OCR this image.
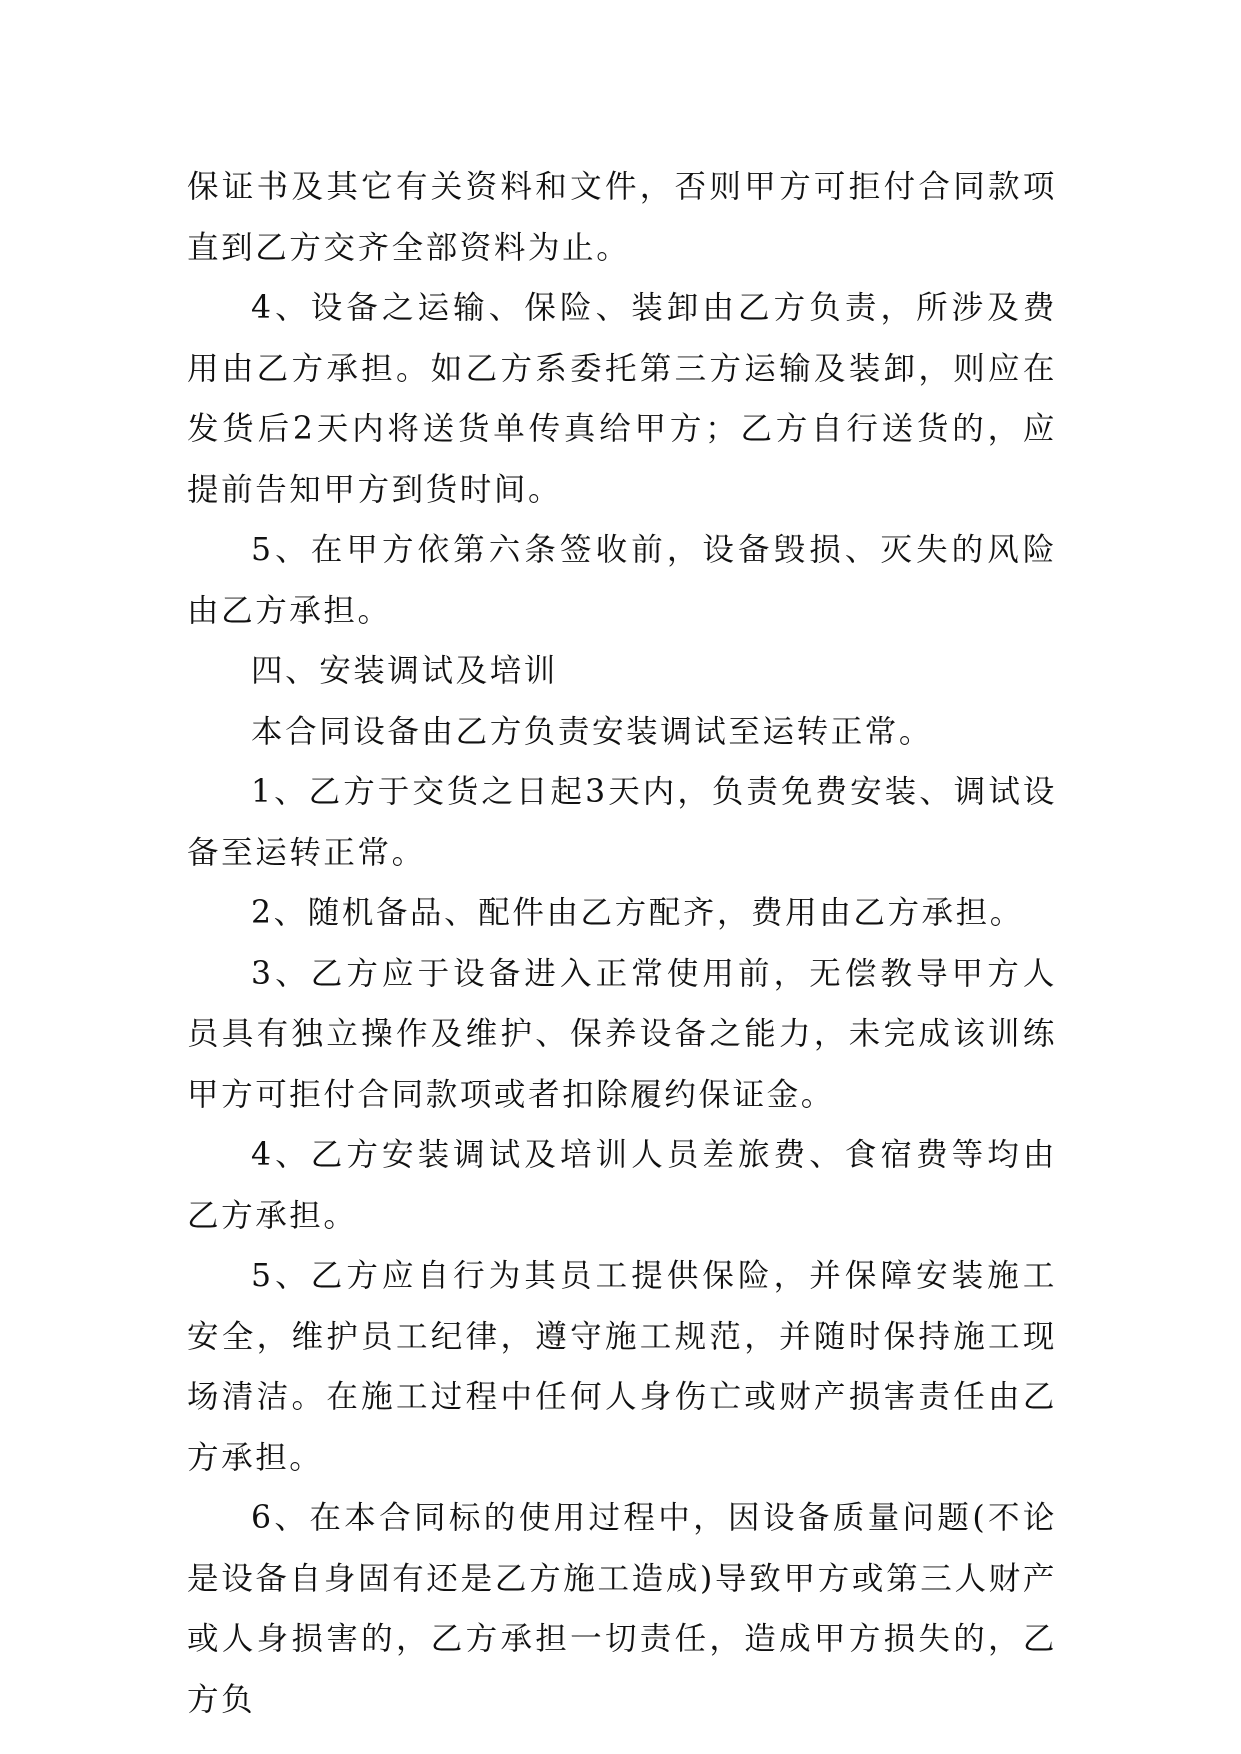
保证书及其它有关资料和文件，否则甲方可拒付合同款项直到乙方交齐全部资料为止。

4、设备之运输、保险、装卸由乙方负责，所涉及费用由乙方承担。如乙方系委托第三方运输及装卸，则应在发货后2天内将送货单传真给甲方；乙方自行送货的，应提前告知甲方到货时间。

5、在甲方依第六条签收前，设备毁损、灭失的风险由乙方承担。

四、安装调试及培训

本合同设备由乙方负责安装调试至运转正常。

1、乙方于交货之日起3天内，负责免费安装、调试设备至运转正常。

2、随机备品、配件由乙方配齐，费用由乙方承担。

3、乙方应于设备进入正常使用前，无偿教导甲方人员具有独立操作及维护、保养设备之能力，未完成该训练甲方可拒付合同款项或者扣除履约保证金。

4、乙方安装调试及培训人员差旅费、食宿费等均由乙方承担。

5、乙方应自行为其员工提供保险，并保障安装施工安全，维护员工纪律，遵守施工规范，并随时保持施工现场清洁。在施工过程中任何人身伤亡或财产损害责任由乙方承担。

6、在本合同标的使用过程中，因设备质量问题(不论是设备自身固有还是乙方施工造成)导致甲方或第三人财产或人身损害的，乙方承担一切责任，造成甲方损失的，乙方负
